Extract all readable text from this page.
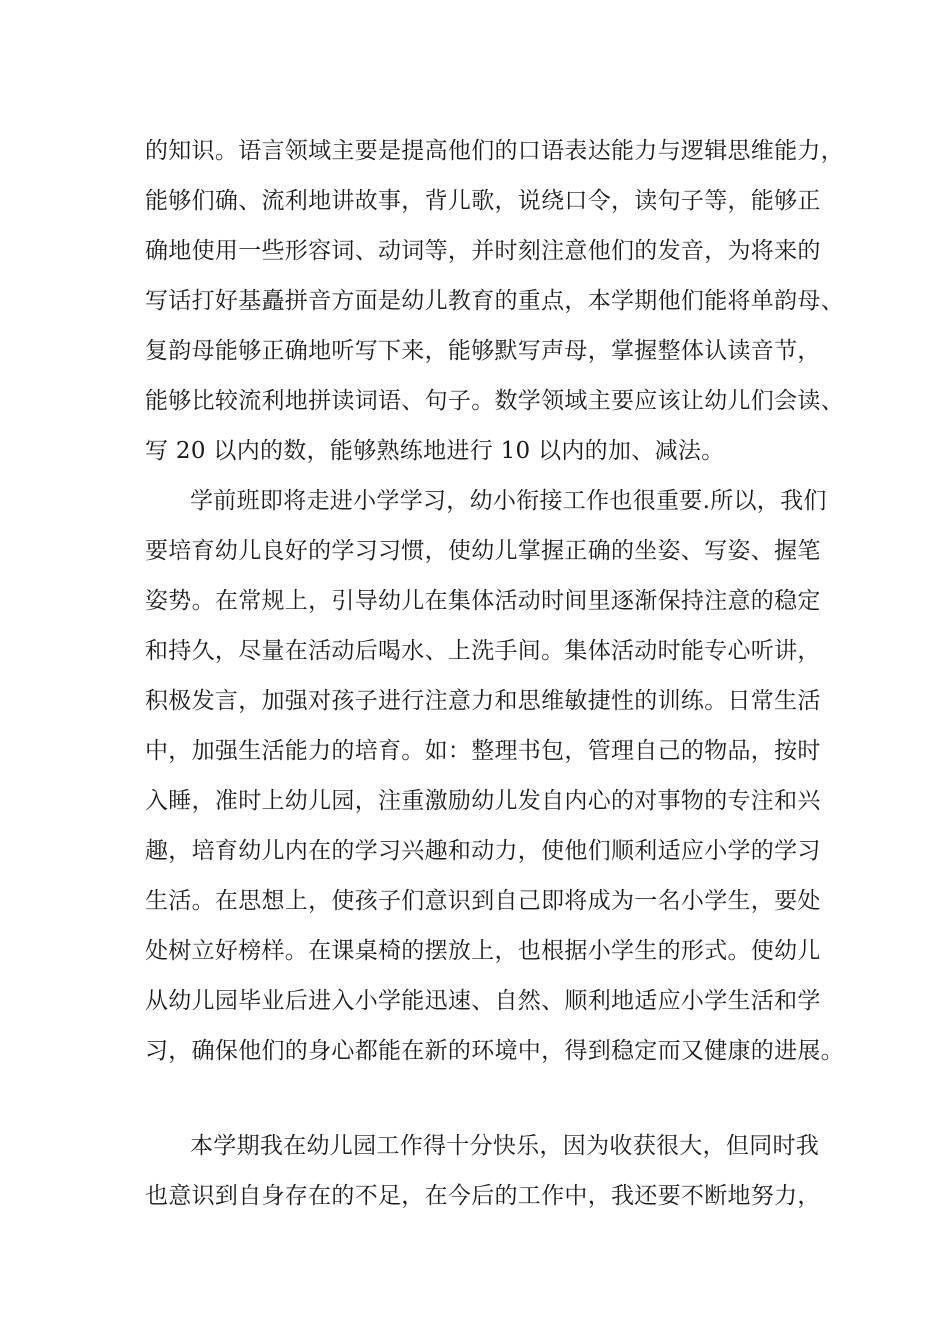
的知识。语言领域主要是提高他们的口语表达能力与逻辑思维能力，
能够们确、流利地讲故事，背儿歌，说绕口令，读句子等，能够正
确地使用一些形容词、动词等，并时刻注意他们的发音，为将来的
写话打好基矗拼音方面是幼儿教育的重点，本学期他们能将单韵母、
复韵母能够正确地听写下来，能够默写声母，掌握整体认读音节，
能够比较流利地拼读词语、句子。数学领域主要应该让幼儿们会读、
写 20 以内的数，能够熟练地进行 10 以内的加、减法。
学前班即将走进小学学习，幼小衔接工作也很重要.所以，我们
要培育幼儿良好的学习习惯，使幼儿掌握正确的坐姿、写姿、握笔
姿势。在常规上，引导幼儿在集体活动时间里逐渐保持注意的稳定
和持久，尽量在活动后喝水、上洗手间。集体活动时能专心听讲，
积极发言，加强对孩子进行注意力和思维敏捷性的训练。日常生活
中，加强生活能力的培育。如：整理书包，管理自己的物品，按时
入睡，准时上幼儿园，注重激励幼儿发自内心的对事物的专注和兴
趣，培育幼儿内在的学习兴趣和动力，使他们顺利适应小学的学习
生活。在思想上，使孩子们意识到自己即将成为一名小学生，要处
处树立好榜样。在课桌椅的摆放上，也根据小学生的形式。使幼儿
从幼儿园毕业后进入小学能迅速、自然、顺利地适应小学生活和学
习，确保他们的身心都能在新的环境中，得到稳定而又健康的进展。
本学期我在幼儿园工作得十分快乐，因为收获很大，但同时我
也意识到自身存在的不足，在今后的工作中，我还要不断地努力，
